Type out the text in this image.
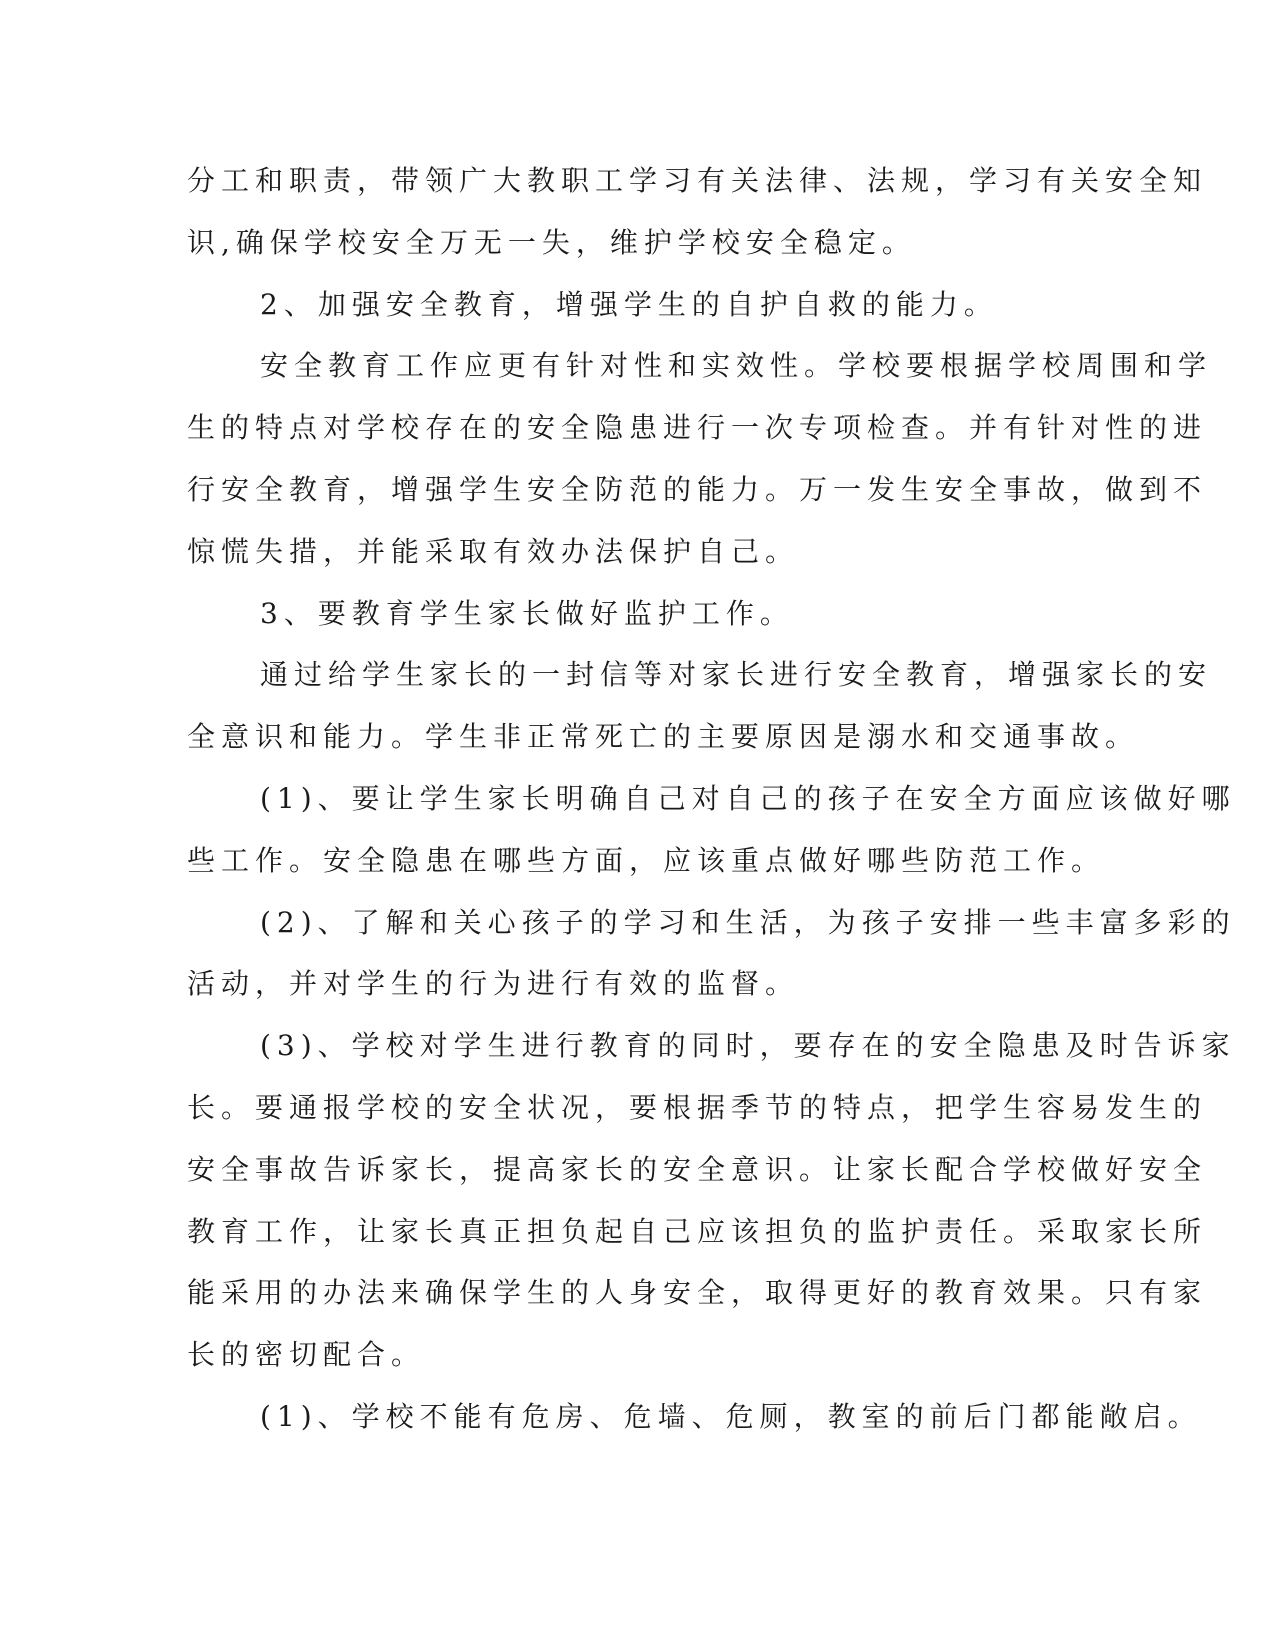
分工和职责，带领广大教职工学习有关法律、法规，学习有关安全知
识,确保学校安全万无一失，维护学校安全稳定。
2、加强安全教育，增强学生的自护自救的能力。
安全教育工作应更有针对性和实效性。学校要根据学校周围和学
生的特点对学校存在的安全隐患进行一次专项检查。并有针对性的进
行安全教育，增强学生安全防范的能力。万一发生安全事故，做到不
惊慌失措，并能采取有效办法保护自己。
3、要教育学生家长做好监护工作。
通过给学生家长的一封信等对家长进行安全教育，增强家长的安
全意识和能力。学生非正常死亡的主要原因是溺水和交通事故。
(1)、要让学生家长明确自己对自己的孩子在安全方面应该做好哪
些工作。安全隐患在哪些方面，应该重点做好哪些防范工作。
(2)、了解和关心孩子的学习和生活，为孩子安排一些丰富多彩的
活动，并对学生的行为进行有效的监督。
(3)、学校对学生进行教育的同时，要存在的安全隐患及时告诉家
长。要通报学校的安全状况，要根据季节的特点，把学生容易发生的
安全事故告诉家长，提高家长的安全意识。让家长配合学校做好安全
教育工作，让家长真正担负起自己应该担负的监护责任。采取家长所
能采用的办法来确保学生的人身安全，取得更好的教育效果。只有家
长的密切配合。
(1)、学校不能有危房、危墙、危厕，教室的前后门都能敞启。
